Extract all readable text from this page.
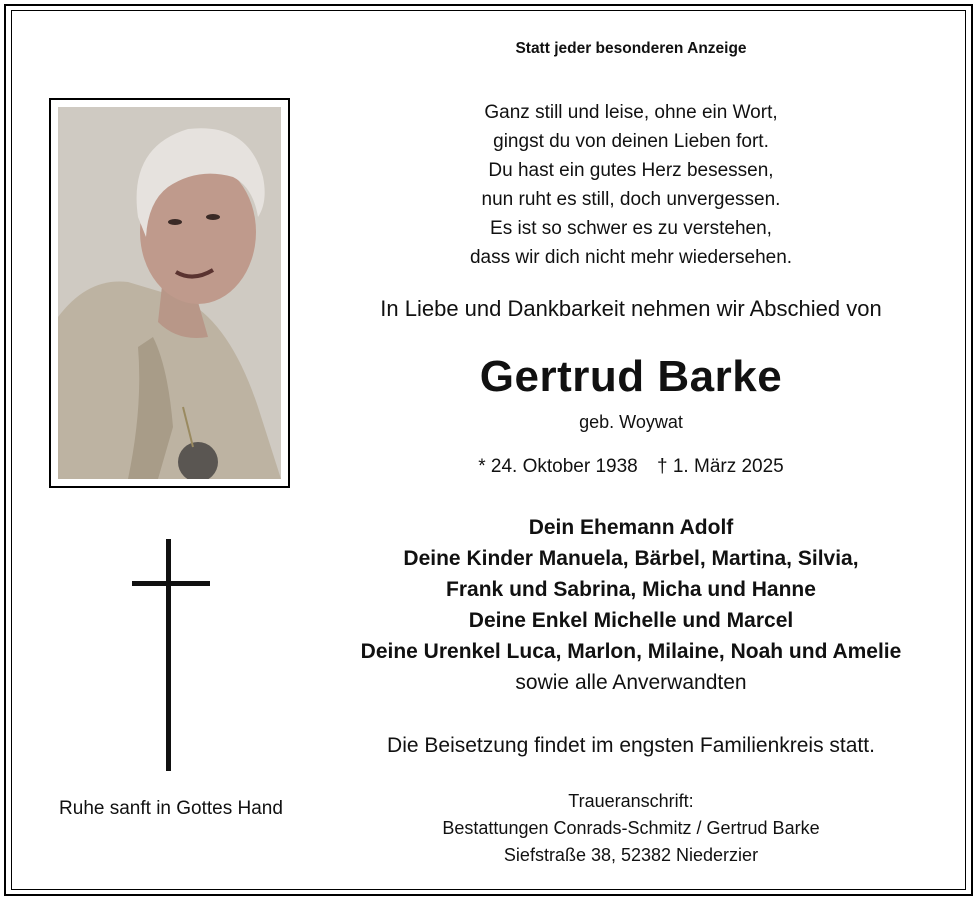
Ruhe sanft in Gottes Hand
Statt jeder besonderen Anzeige
Ganz still und leise, ohne ein Wort,
gingst du von deinen Lieben fort.
Du hast ein gutes Herz besessen,
nun ruht es still, doch unvergessen.
Es ist so schwer es zu verstehen,
dass wir dich nicht mehr wiedersehen.
In Liebe und Dankbarkeit nehmen wir Abschied von
Gertrud Barke
geb. Woywat
* 24. Oktober 1938 † 1. März 2025
Dein Ehemann Adolf
Deine Kinder Manuela, Bärbel, Martina, Silvia,
Frank und Sabrina, Micha und Hanne
Deine Enkel Michelle und Marcel
Deine Urenkel Luca, Marlon, Milaine, Noah und Amelie
sowie alle Anverwandten
Die Beisetzung findet im engsten Familienkreis statt.
Traueranschrift:
Bestattungen Conrads-Schmitz / Gertrud Barke
Siefstraße 38, 52382 Niederzier
